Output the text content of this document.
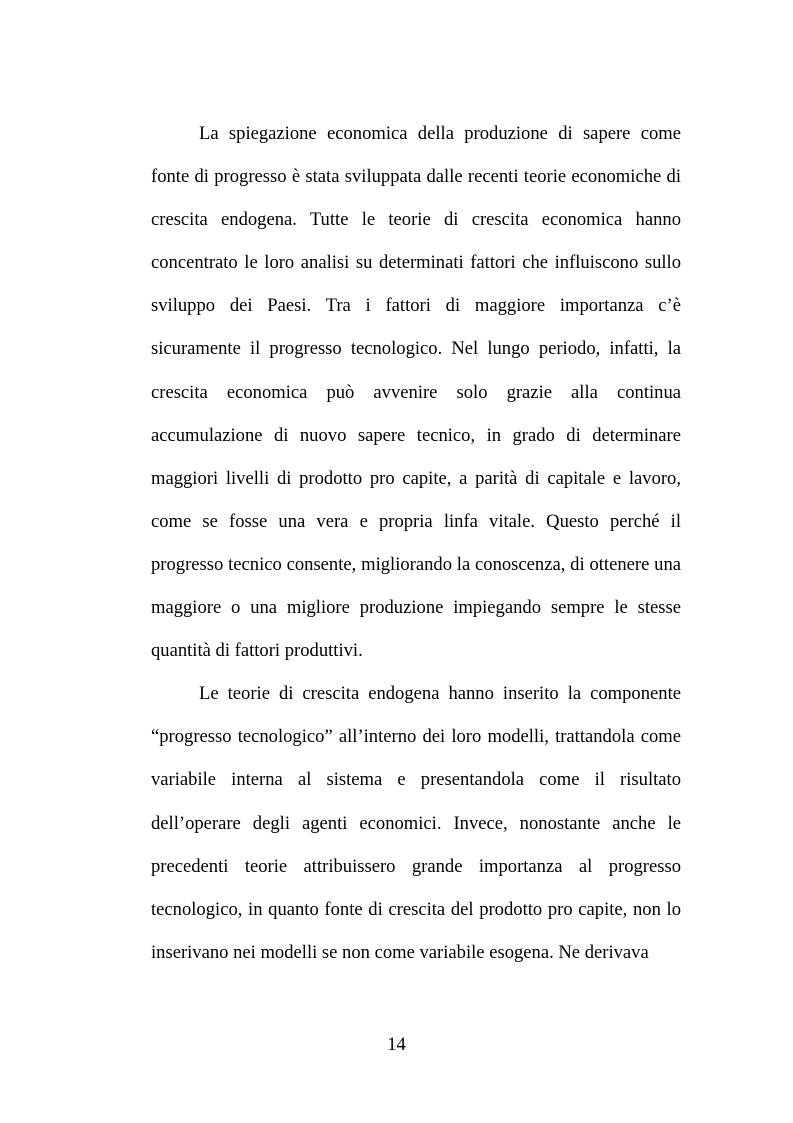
La spiegazione economica della produzione di sapere come fonte di progresso è stata sviluppata dalle recenti teorie economiche di crescita endogena. Tutte le teorie di crescita economica hanno concentrato le loro analisi su determinati fattori che influiscono sullo sviluppo dei Paesi. Tra i fattori di maggiore importanza c’è sicuramente il progresso tecnologico. Nel lungo periodo, infatti, la crescita economica può avvenire solo grazie alla continua accumulazione di nuovo sapere tecnico, in grado di determinare maggiori livelli di prodotto pro capite, a parità di capitale e lavoro, come se fosse una vera e propria linfa vitale. Questo perché il progresso tecnico consente, migliorando la conoscenza, di ottenere una maggiore o una migliore produzione impiegando sempre le stesse quantità di fattori produttivi.

Le teorie di crescita endogena hanno inserito la componente “progresso tecnologico” all’interno dei loro modelli, trattandola come variabile interna al sistema e presentandola come il risultato dell’operare degli agenti economici. Invece, nonostante anche le precedenti teorie attribuissero grande importanza al progresso tecnologico, in quanto fonte di crescita del prodotto pro capite, non lo inserivano nei modelli se non come variabile esogena. Ne derivava

14
